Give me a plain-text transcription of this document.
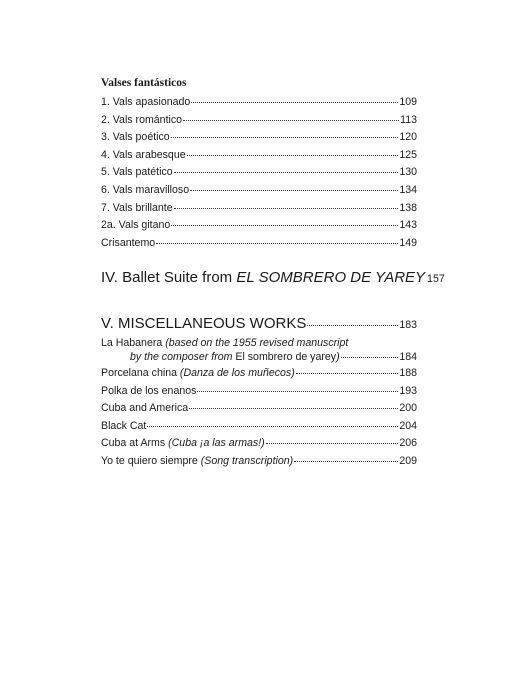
Valses fantásticos
1. Vals apasionado	109
2. Vals romántico	113
3. Vals poético	120
4. Vals arabesque	125
5. Vals patético	130
6. Vals maravilloso	134
7. Vals brillante	138
2a. Vals gitano	143
Crisantemo	149
IV. Ballet Suite from EL SOMBRERO DE YAREY 157
V. MISCELLANEOUS WORKS	183
La Habanera (based on the 1955 revised manuscript
by the composer from El sombrero de yarey)	184
Porcelana china (Danza de los muñecos)	188
Polka de los enanos	193
Cuba and America	200
Black Cat	204
Cuba at Arms (Cuba ¡a las armas!)	206
Yo te quiero siempre (Song transcription)	209
